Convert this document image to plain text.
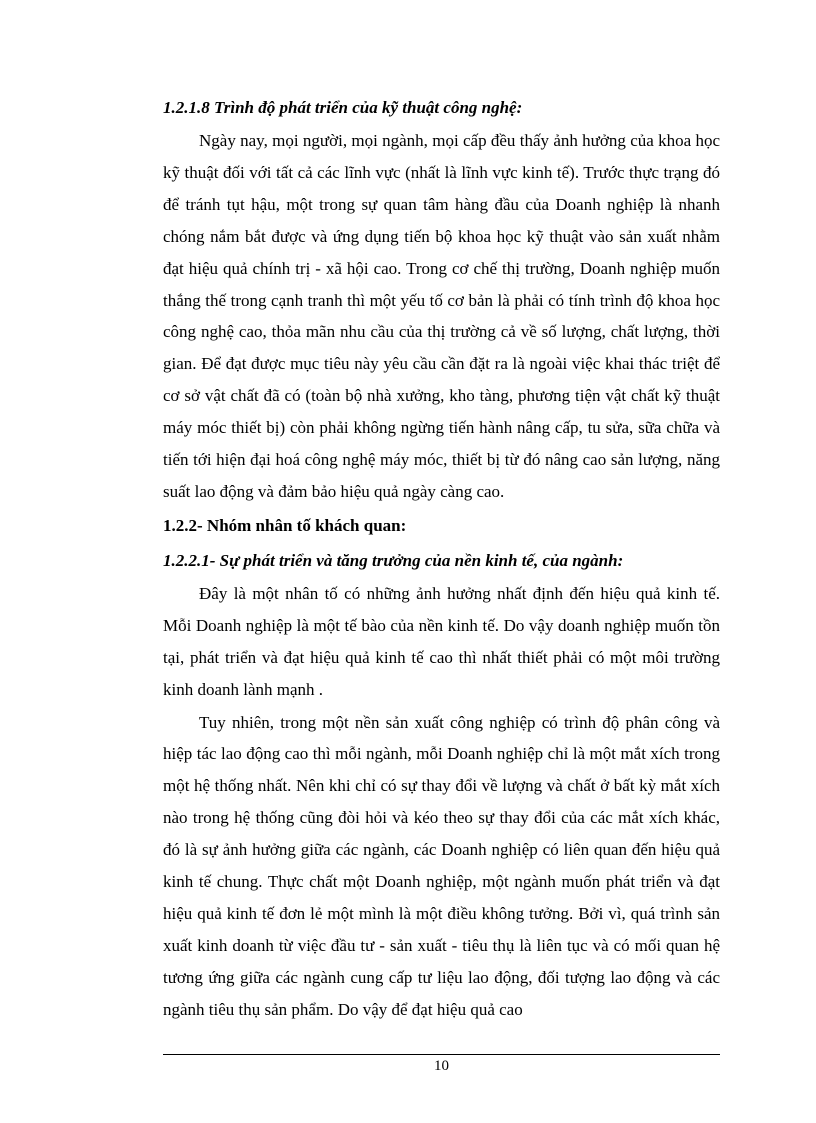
1.2.1.8 Trình độ phát triển của kỹ thuật công nghệ:

Ngày nay, mọi người, mọi ngành, mọi cấp đều thấy ảnh hưởng của khoa học kỹ thuật đối với tất cả các lĩnh vực (nhất là lĩnh vực kinh tế). Trước thực trạng đó để tránh tụt hậu, một trong sự quan tâm hàng đầu của Doanh nghiệp là nhanh chóng nắm bắt được và ứng dụng tiến bộ khoa học kỹ thuật vào sản xuất nhằm đạt hiệu quả chính trị - xã hội cao. Trong cơ chế thị trường, Doanh nghiệp muốn thắng thế trong cạnh tranh thì một yếu tố cơ bản là phải có tính trình độ khoa học công nghệ cao, thỏa mãn nhu cầu của thị trường cả về số lượng, chất lượng, thời gian. Để đạt được mục tiêu này yêu cầu cần đặt ra là ngoài việc khai thác triệt để cơ sở vật chất đã có (toàn bộ nhà xưởng, kho tàng, phương tiện vật chất kỹ thuật máy móc thiết bị) còn phải không ngừng tiến hành nâng cấp, tu sửa, sữa chữa và tiến tới hiện đại hoá công nghệ máy móc, thiết bị từ đó nâng cao sản lượng, năng suất lao động và đảm bảo hiệu quả ngày càng cao.

1.2.2- Nhóm nhân tố khách quan:

1.2.2.1- Sự phát triển và tăng trưởng của nền kinh tế, của ngành:

Đây là một nhân tố có những ảnh hưởng nhất định đến hiệu quả kinh tế. Mỗi Doanh nghiệp là một tế bào của nền kinh tế. Do vậy doanh nghiệp muốn tồn tại, phát triển và đạt hiệu quả kinh tế cao thì nhất thiết phải có một môi trường kinh doanh lành mạnh .

Tuy nhiên, trong một nền sản xuất công nghiệp có trình độ phân công và hiệp tác lao động cao thì mỗi ngành, mỗi Doanh nghiệp chỉ là một mắt xích trong một hệ thống nhất. Nên khi chỉ có sự thay đổi về lượng và chất ở bất kỳ mắt xích nào trong hệ thống cũng đòi hỏi và kéo theo sự thay đổi của các mắt xích khác, đó là sự ảnh hưởng giữa các ngành, các Doanh nghiệp có liên quan đến hiệu quả kinh tế chung. Thực chất một Doanh nghiệp, một ngành muốn phát triển và đạt hiệu quả kinh tế đơn lẻ một mình là một điều không tưởng. Bởi vì, quá trình sản xuất kinh doanh từ việc đầu tư - sản xuất - tiêu thụ là liên tục và có mối quan hệ tương ứng giữa các ngành cung cấp tư liệu lao động, đối tượng lao động và các ngành tiêu thụ sản phẩm. Do vậy để đạt hiệu quả cao

10
